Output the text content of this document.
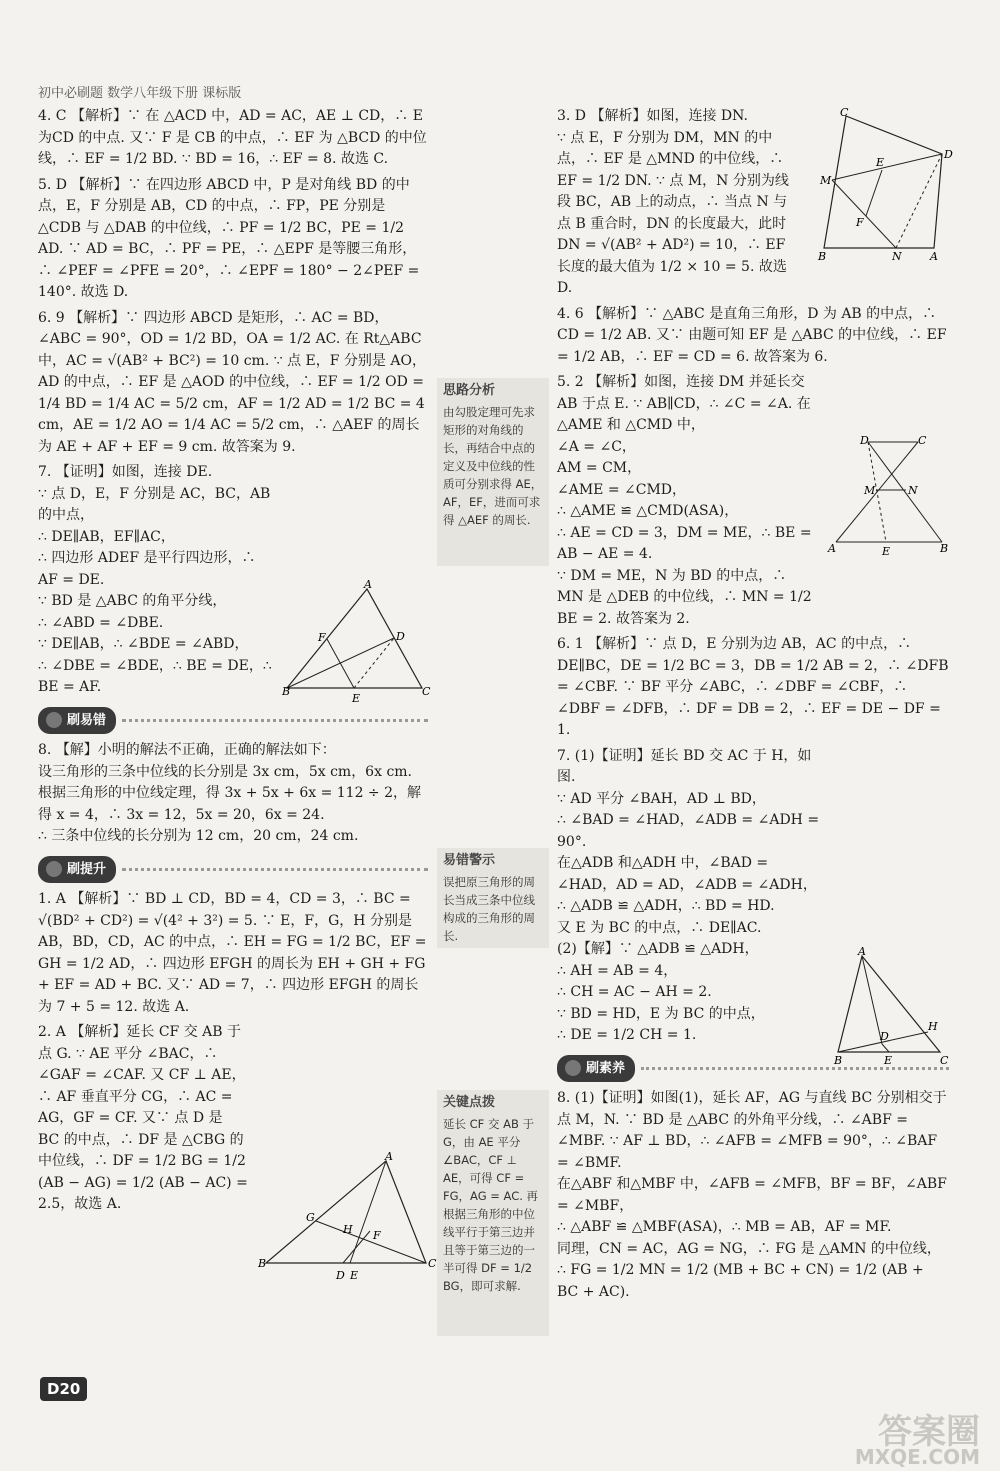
初中必刷题 数学八年级下册 课标版

4. C 【解析】∵ 在 △ACD 中，AD = AC，AE ⊥ CD，∴ E 为CD 的中点. 又∵ F 是 CB 的中点，∴ EF 为 △BCD 的中位线，∴ EF = 1/2 BD. ∵ BD = 16，∴ EF = 8. 故选 C.

5. D 【解析】∵ 在四边形 ABCD 中，P 是对角线 BD 的中点，E，F 分别是 AB，CD 的中点，∴ FP，PE 分别是 △CDB 与 △DAB 的中位线，∴ PF = 1/2 BC，PE = 1/2 AD. ∵ AD = BC，∴ PF = PE，∴ △EPF 是等腰三角形，∴ ∠PEF = ∠PFE = 20°，∴ ∠EPF = 180° − 2∠PEF = 140°. 故选 D.

6. 9 【解析】∵ 四边形 ABCD 是矩形，∴ AC = BD，∠ABC = 90°，OD = 1/2 BD，OA = 1/2 AC. 在 Rt△ABC 中，AC = √(AB² + BC²) = 10 cm. ∵ 点 E，F 分别是 AO，AD 的中点，∴ EF 是 △AOD 的中位线，∴ EF = 1/2 OD = 1/4 BD = 1/4 AC = 5/2 cm，AF = 1/2 AD = 1/2 BC = 4 cm，AE = 1/2 AO = 1/4 AC = 5/2 cm，∴ △AEF 的周长为 AE + AF + EF = 9 cm. 故答案为 9.

7. 【证明】如图，连接 DE.
∵ 点 D，E，F 分别是 AC，BC，AB 的中点，
∴ DE∥AB，EF∥AC，
∴ 四边形 ADEF 是平行四边形，∴ AF = DE.
∵ BD 是 △ABC 的角平分线，
∴ ∠ABD = ∠DBE.
∵ DE∥AB，∴ ∠BDE = ∠ABD，
∴ ∠DBE = ∠BDE，∴ BE = DE，∴ BE = AF.

刷易错

8. 【解】小明的解法不正确，正确的解法如下：
设三角形的三条中位线的长分别是 3x cm，5x cm，6x cm. 根据三角形的中位线定理，得 3x + 5x + 6x = 112 ÷ 2，解得 x = 4，∴ 3x = 12，5x = 20，6x = 24.
∴ 三条中位线的长分别为 12 cm，20 cm，24 cm.

刷提升

1. A 【解析】∵ BD ⊥ CD，BD = 4，CD = 3，∴ BC = √(BD² + CD²) = √(4² + 3²) = 5. ∵ E，F，G，H 分别是 AB，BD，CD，AC 的中点，∴ EH = FG = 1/2 BC，EF = GH = 1/2 AD，∴ 四边形 EFGH 的周长为 EH + GH + FG + EF = AD + BC. 又∵ AD = 7，∴ 四边形 EFGH 的周长为 7 + 5 = 12. 故选 A.

2. A 【解析】延长 CF 交 AB 于点 G. ∵ AE 平分 ∠BAC，∴ ∠GAF = ∠CAF. 又 CF ⊥ AE，∴ AF 垂直平分 CG，∴ AC = AG，GF = CF. 又∵ 点 D 是 BC 的中点，∴ DF 是 △CBG 的中位线，∴ DF = 1/2 BG = 1/2 (AB − AG) = 1/2 (AB − AC) = 2.5，故选 A.

A
B	C
D
F
E
A
B	C
G
H F
D E
思路分析
由勾股定理可先求矩形的对角线的长，再结合中点的定义及中位线的性质可分别求得 AE，AF，EF，进而可求得 △AEF 的周长.
易错警示
误把原三角形的周长当成三条中位线构成的三角形的周长.
关键点拨
延长 CF 交 AB 于 G，由 AE 平分 ∠BAC，CF ⊥ AE，可得 CF = FG，AG = AC. 再根据三角形的中位线平行于第三边并且等于第三边的一半可得 DF = 1/2 BG，即可求解.

3. D 【解析】如图，连接 DN.
∵ 点 E，F 分别为 DM，MN 的中点，∴ EF 是 △MND 的中位线，∴ EF = 1/2 DN. ∵ 点 M，N 分别为线段 BC，AB 上的动点，∴ 当点 N 与点 B 重合时，DN 的长度最大，此时 DN = √(AB² + AD²) = 10，∴ EF 长度的最大值为 1/2 × 10 = 5. 故选 D.

4. 6 【解析】∵ △ABC 是直角三角形，D 为 AB 的中点，∴ CD = 1/2 AB. 又∵ 由题可知 EF 是 △ABC 的中位线，∴ EF = 1/2 AB，∴ EF = CD = 6. 故答案为 6.

5. 2 【解析】如图，连接 DM 并延长交 AB 于点 E. ∵ AB∥CD，∴ ∠C = ∠A. 在 △AME 和 △CMD 中，
∠A = ∠C，
AM = CM，
∠AME = ∠CMD，
∴ △AME ≌ △CMD(ASA)，
∴ AE = CD = 3，DM = ME，∴ BE = AB − AE = 4.
∵ DM = ME，N 为 BD 的中点，∴ MN 是 △DEB 的中位线，∴ MN = 1/2 BE = 2. 故答案为 2.

6. 1 【解析】∵ 点 D，E 分别为边 AB，AC 的中点，∴ DE∥BC，DE = 1/2 BC = 3，DB = 1/2 AB = 2，∴ ∠DFB = ∠CBF. ∵ BF 平分 ∠ABC，∴ ∠DBF = ∠CBF，∴ ∠DBF = ∠DFB，∴ DF = DB = 2，∴ EF = DE − DF = 1.

7. (1)【证明】延长 BD 交 AC 于 H，如图.
∵ AD 平分 ∠BAH，AD ⊥ BD，
∴ ∠BAD = ∠HAD，∠ADB = ∠ADH = 90°.
在△ADB 和△ADH 中，∠BAD = ∠HAD，AD = AD，∠ADB = ∠ADH，
∴ △ADB ≌ △ADH，∴ BD = HD.
又 E 为 BC 的中点，∴ DE∥AC.
(2)【解】∵ △ADB ≌ △ADH，
∴ AH = AB = 4，
∴ CH = AC − AH = 2.
∵ BD = HD，E 为 BC 的中点，
∴ DE = 1/2 CH = 1.

刷素养

8. (1)【证明】如图(1)，延长 AF，AG 与直线 BC 分别相交于点 M，N. ∵ BD 是 △ABC 的外角平分线，∴ ∠ABF = ∠MBF. ∵ AF ⊥ BD，∴ ∠AFB = ∠MFB = 90°，∴ ∠BAF = ∠BMF.
在△ABF 和△MBF 中，∠AFB = ∠MFB，BF = BF，∠ABF = ∠MBF，
∴ △ABF ≌ △MBF(ASA)，∴ MB = AB，AF = MF.
同理，CN = AC，AG = NG，∴ FG 是 △AMN 的中位线，
∴ FG = 1/2 MN = 1/2 (MB + BC + CN) = 1/2 (AB + BC + AC).

C
D
M
E
F
B	N	A
D	C
M	N
A	E	B
A
B	C
H
D
E
D20
答案圈
MXQE.COM
